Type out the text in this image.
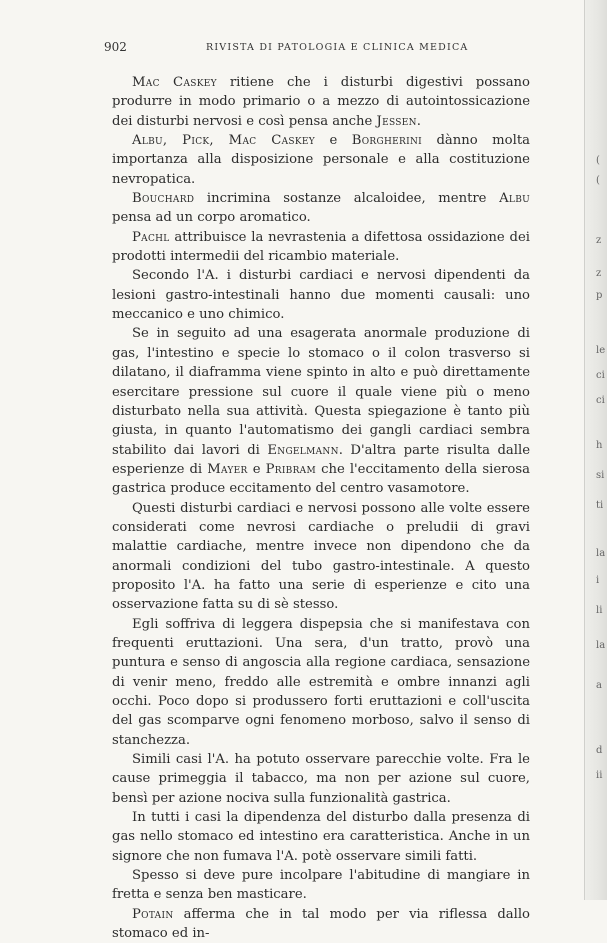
(
(
z
z
p
le
ci
ci
h
si
ti
la
i
li
la
a
d
ii
902	RIVISTA DI PATOLOGIA E CLINICA MEDICA

Mac Caskey ritiene che i disturbi digestivi possano produrre in modo primario o a mezzo di autointossicazione dei disturbi nervosi e così pensa anche Jessen.

Albu, Pick, Mac Caskey e Borgherini dànno molta importanza alla disposizione personale e alla costituzione nevropatica.

Bouchard incrimina sostanze alcaloidee, mentre Albu pensa ad un corpo aromatico.

Pachl attribuisce la nevrastenia a difettosa ossidazione dei prodotti intermedii del ricambio materiale.

Secondo l'A. i disturbi cardiaci e nervosi dipendenti da lesioni gastro-intestinali hanno due momenti causali: uno meccanico e uno chimico.

Se in seguito ad una esagerata anormale produzione di gas, l'intestino e specie lo stomaco o il colon trasverso si dilatano, il diaframma viene spinto in alto e può direttamente esercitare pressione sul cuore il quale viene più o meno disturbato nella sua attività. Questa spiegazione è tanto più giusta, in quanto l'automatismo dei gangli cardiaci sembra stabilito dai lavori di Engelmann. D'altra parte risulta dalle esperienze di Mayer e Pribram che l'eccitamento della sierosa gastrica produce eccitamento del centro vasamotore.

Questi disturbi cardiaci e nervosi possono alle volte essere considerati come nevrosi cardiache o preludii di gravi malattie cardiache, mentre invece non dipendono che da anormali condizioni del tubo gastro-intestinale. A questo proposito l'A. ha fatto una serie di esperienze e cito una osservazione fatta su di sè stesso.

Egli soffriva di leggera dispepsia che si manifestava con frequenti eruttazioni. Una sera, d'un tratto, provò una puntura e senso di angoscia alla regione cardiaca, sensazione di venir meno, freddo alle estremità e ombre innanzi agli occhi. Poco dopo si produssero forti eruttazioni e coll'uscita del gas scomparve ogni fenomeno morboso, salvo il senso di stanchezza.

Simili casi l'A. ha potuto osservare parecchie volte. Fra le cause primeggia il tabacco, ma non per azione sul cuore, bensì per azione nociva sulla funzionalità gastrica.

In tutti i casi la dipendenza del disturbo dalla presenza di gas nello stomaco ed intestino era caratteristica. Anche in un signore che non fumava l'A. potè osservare simili fatti.

Spesso si deve pure incolpare l'abitudine di mangiare in fretta e senza ben masticare.

Potain afferma che in tal modo per via riflessa dallo stomaco ed in-
